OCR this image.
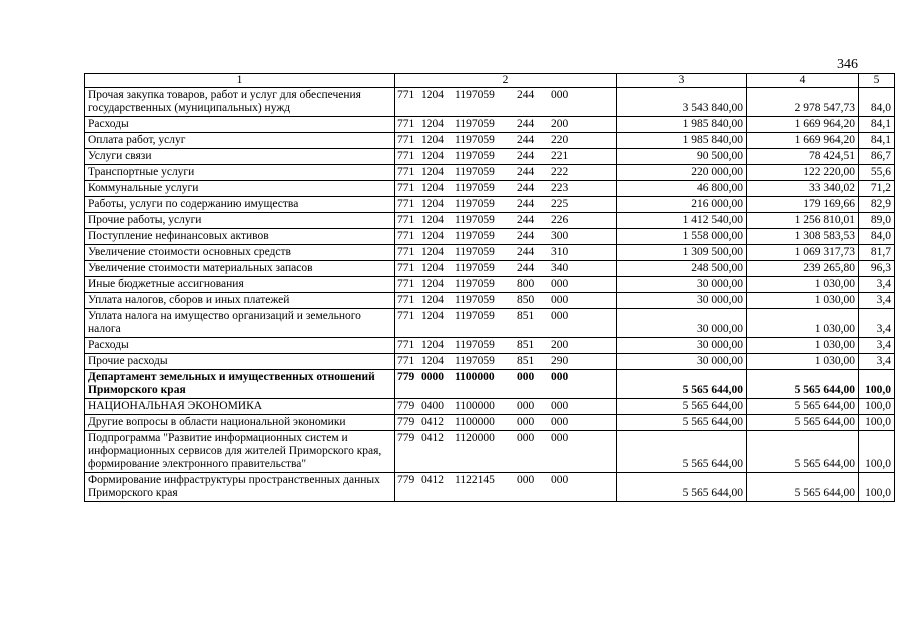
346
1	2	3	4	5
Прочая закупка товаров, работ и услуг для обеспечения государственных (муниципальных) нужд	771 1204 1197059 244 000	3 543 840,00	2 978 547,73	84,0
Расходы	771 1204 1197059 244 200	1 985 840,00	1 669 964,20	84,1
Оплата работ, услуг	771 1204 1197059 244 220	1 985 840,00	1 669 964,20	84,1
Услуги связи	771 1204 1197059 244 221	90 500,00	78 424,51	86,7
Транспортные услуги	771 1204 1197059 244 222	220 000,00	122 220,00	55,6
Коммунальные услуги	771 1204 1197059 244 223	46 800,00	33 340,02	71,2
Работы, услуги по содержанию имущества	771 1204 1197059 244 225	216 000,00	179 169,66	82,9
Прочие работы, услуги	771 1204 1197059 244 226	1 412 540,00	1 256 810,01	89,0
Поступление нефинансовых активов	771 1204 1197059 244 300	1 558 000,00	1 308 583,53	84,0
Увеличение стоимости основных средств	771 1204 1197059 244 310	1 309 500,00	1 069 317,73	81,7
Увеличение стоимости материальных запасов	771 1204 1197059 244 340	248 500,00	239 265,80	96,3
Иные бюджетные ассигнования	771 1204 1197059 800 000	30 000,00	1 030,00	3,4
Уплата налогов, сборов и иных платежей	771 1204 1197059 850 000	30 000,00	1 030,00	3,4
Уплата налога на имущество организаций и земельного налога	771 1204 1197059 851 000	30 000,00	1 030,00	3,4
Расходы	771 1204 1197059 851 200	30 000,00	1 030,00	3,4
Прочие расходы	771 1204 1197059 851 290	30 000,00	1 030,00	3,4
Департамент земельных и имущественных отношений Приморского края	779 0000 1100000 000 000	5 565 644,00	5 565 644,00	100,0
НАЦИОНАЛЬНАЯ ЭКОНОМИКА	779 0400 1100000 000 000	5 565 644,00	5 565 644,00	100,0
Другие вопросы в области национальной экономики	779 0412 1100000 000 000	5 565 644,00	5 565 644,00	100,0
Подпрограмма "Развитие информационных систем и информационных сервисов для жителей Приморского края, формирование электронного правительства"	779 0412 1120000 000 000	5 565 644,00	5 565 644,00	100,0
Формирование инфраструктуры пространственных данных Приморского края	779 0412 1122145 000 000	5 565 644,00	5 565 644,00	100,0
